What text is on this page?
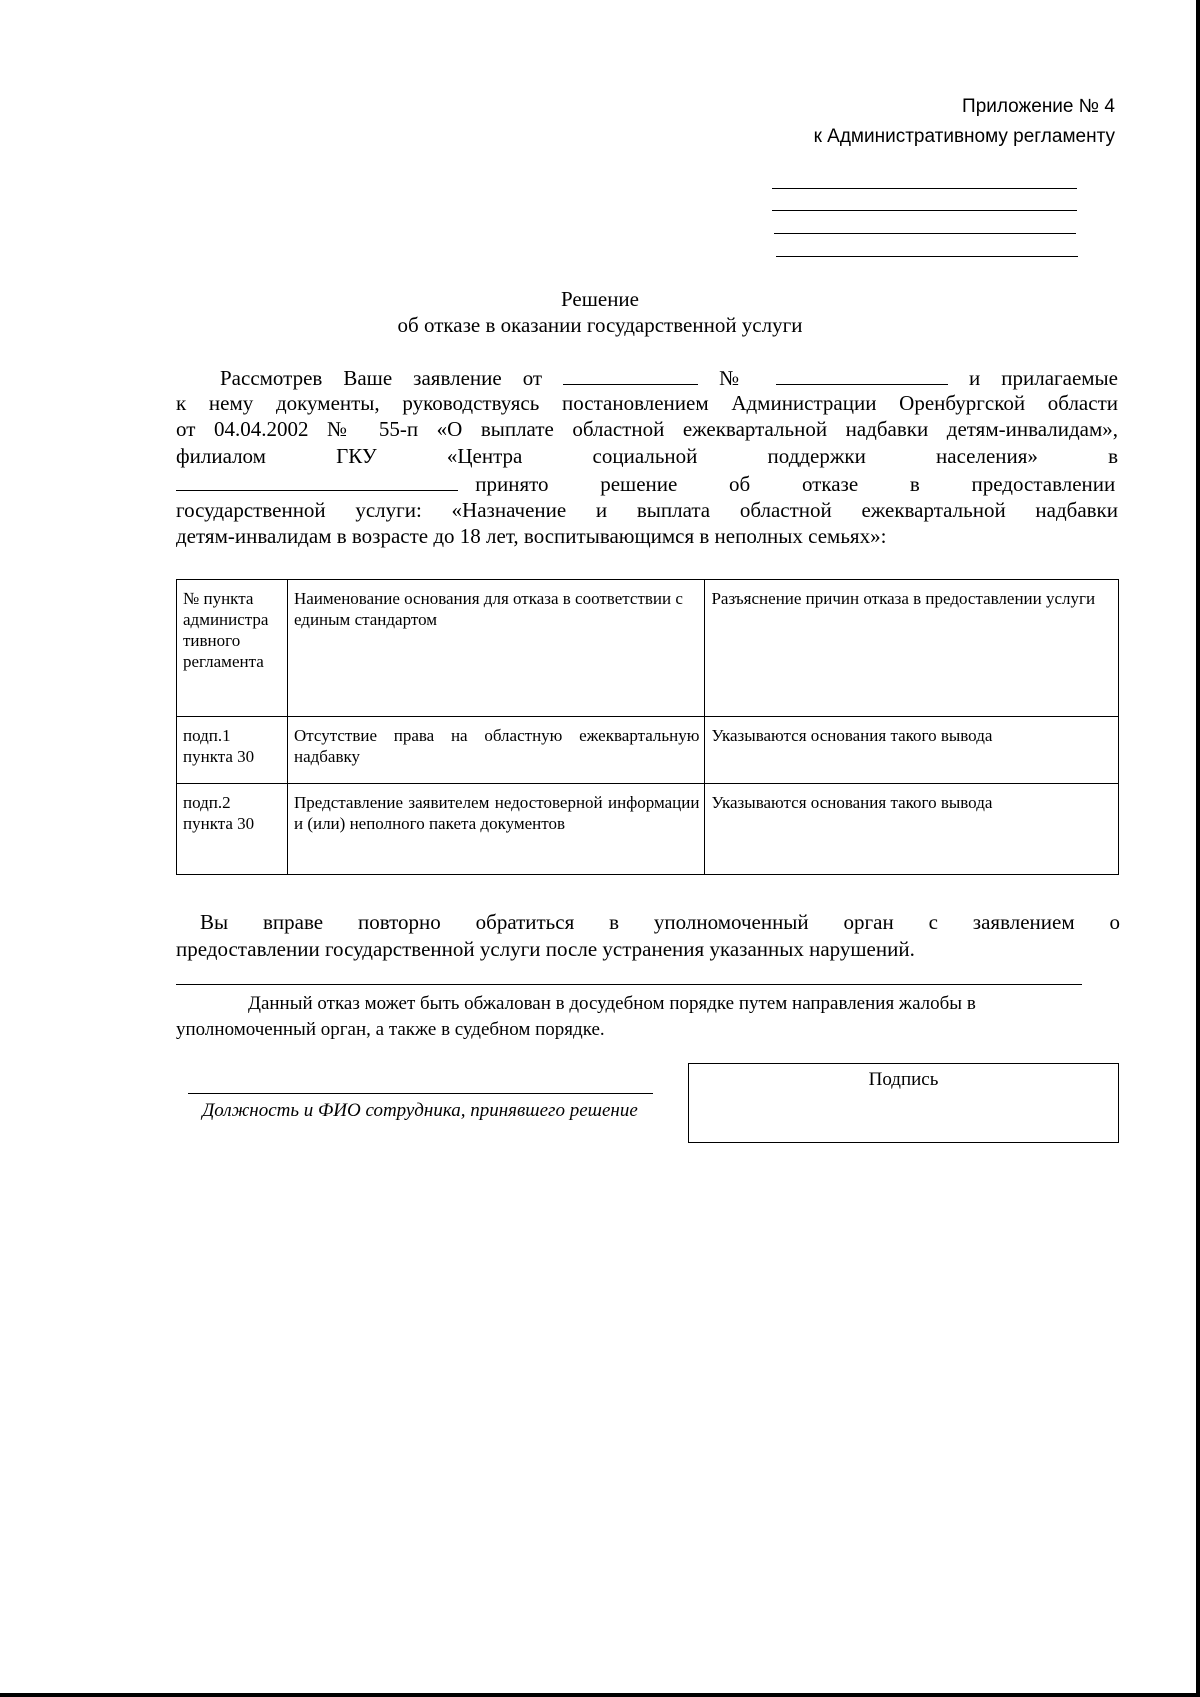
Приложение № 4
к Административному регламенту
Решение
об отказе в оказании государственной услуги
Рассмотрев Ваше заявление от	№	и прилагаемые
к нему документы, руководствуясь постановлением Администрации Оренбургской области
от 04.04.2002 № 55-п «О выплате областной ежеквартальной надбавки детям-инвалидам»,
филиалом ГКУ «Центра социальной поддержки населения» в
принято решение об отказе в предоставлении
государственной услуги: «Назначение и выплата областной ежеквартальной надбавки
детям-инвалидам в возрасте до 18 лет, воспитывающимся в неполных семьях»:
№ пункта администра тивного регламента	Наименование основания для отказа в соответствии с единым стандартом	Разъяснение причин отказа в предоставлении услуги
подп.1 пункта 30	Отсутствие права на областную ежеквартальную надбавку	Указываются основания такого вывода
подп.2 пункта 30	Представление заявителем недостоверной информации и (или) неполного пакета документов	Указываются основания такого вывода
Вы вправе повторно обратиться в уполномоченный орган с заявлением о
предоставлении государственной услуги после устранения указанных нарушений.
Данный отказ может быть обжалован в досудебном порядке путем направления жалобы в
уполномоченный орган, а также в судебном порядке.
Должность и ФИО сотрудника, принявшего решение
Подпись
